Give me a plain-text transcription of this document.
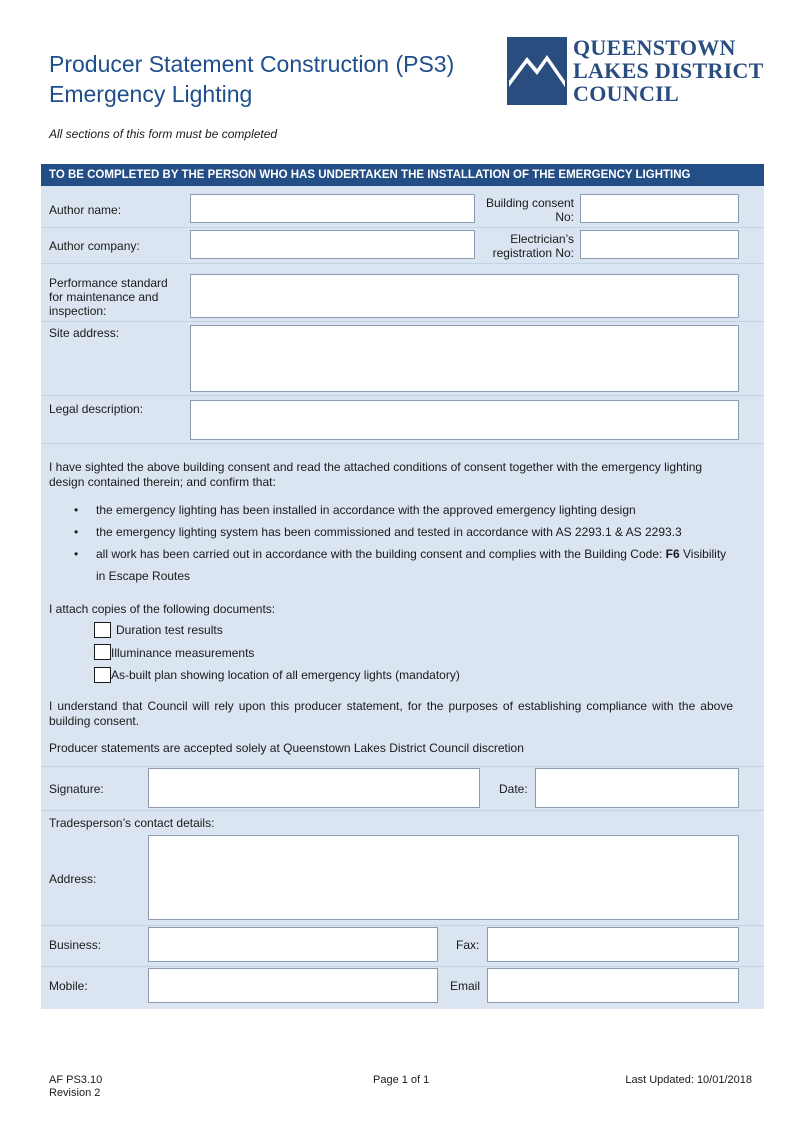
Producer Statement Construction (PS3)
Emergency Lighting
QUEENSTOWN
LAKES DISTRICT
COUNCIL
All sections of this form must be completed
TO BE COMPLETED BY THE PERSON WHO HAS UNDERTAKEN THE INSTALLATION OF THE EMERGENCY LIGHTING
Author name:	Building consent
No:
Author company:	Electrician’s
registration No:
Performance standard
for maintenance and
inspection:
Site address:
Legal description:
I have sighted the above building consent and read the attached conditions of consent together with the emergency lighting
design contained therein; and confirm that:
• the emergency lighting has been installed in accordance with the approved emergency lighting design
• the emergency lighting system has been commissioned and tested in accordance with AS 2293.1 & AS 2293.3
• all work has been carried out in accordance with the building consent and complies with the Building Code: F6 Visibility
in Escape Routes
I attach copies of the following documents:
Duration test results
Illuminance measurements
As-built plan showing location of all emergency lights (mandatory)
I understand that Council will rely upon this producer statement, for the purposes of establishing compliance with the above
building consent.
Producer statements are accepted solely at Queenstown Lakes District Council discretion
Signature:	Date:
Tradesperson’s contact details:
Address:
Business:	Fax:
Mobile:	Email
AF PS3.10
Revision 2
Page 1 of 1	Last Updated: 10/01/2018
